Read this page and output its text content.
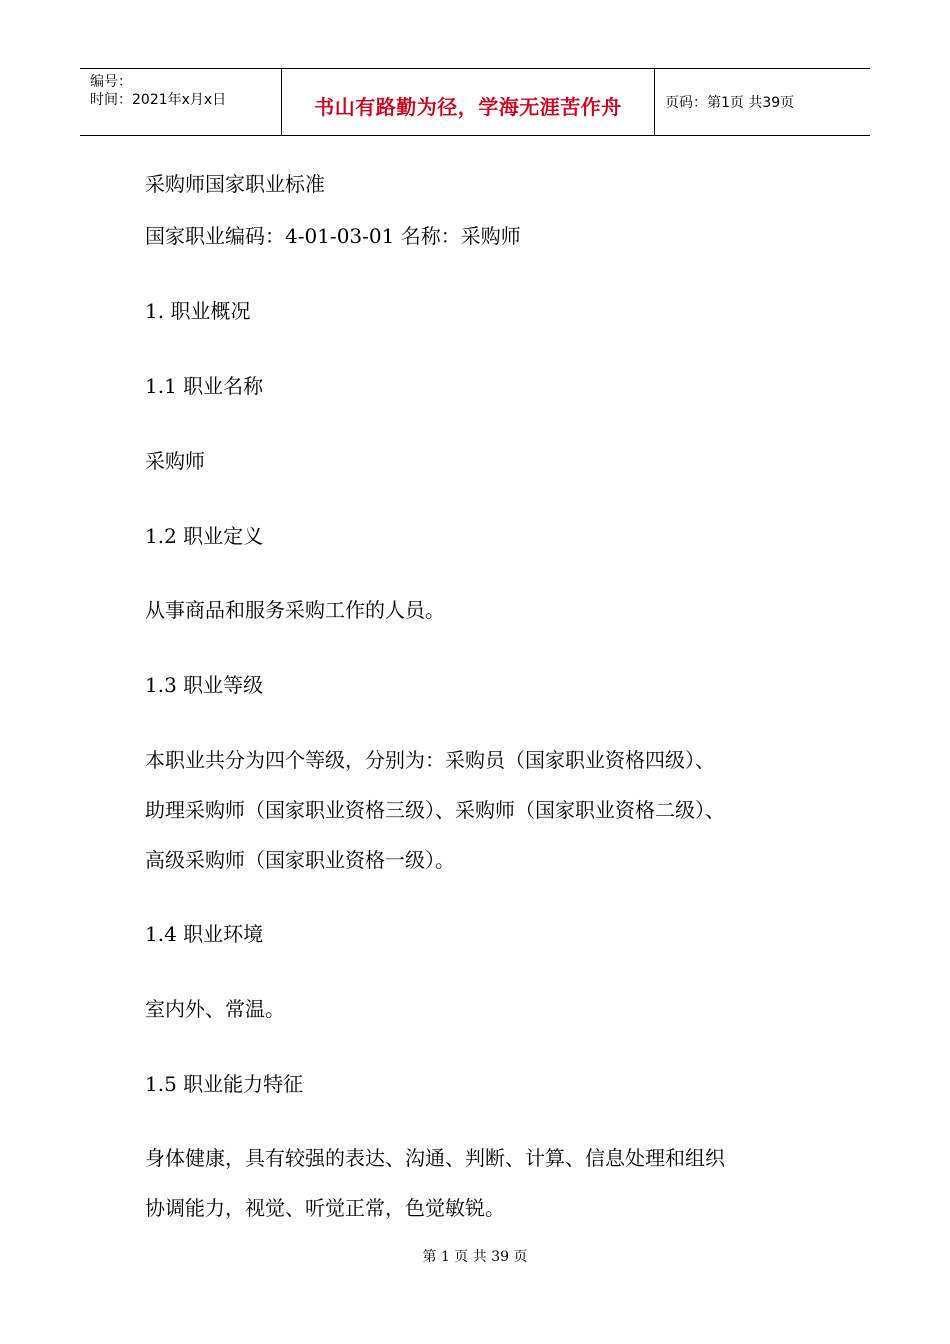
编号：
时间：2021年x月x日	书山有路勤为径，学海无涯苦作舟	页码：第1页 共39页
采购师国家职业标准
国家职业编码：4-01-03-01 名称：采购师
1. 职业概况
1.1 职业名称
采购师
1.2 职业定义
从事商品和服务采购工作的人员。
1.3 职业等级
本职业共分为四个等级，分别为：采购员（国家职业资格四级）、
助理采购师（国家职业资格三级）、采购师（国家职业资格二级）、
高级采购师（国家职业资格一级）。
1.4 职业环境
室内外、常温。
1.5 职业能力特征
身体健康，具有较强的表达、沟通、判断、计算、信息处理和组织
协调能力，视觉、听觉正常，色觉敏锐。
第 1 页 共 39 页
